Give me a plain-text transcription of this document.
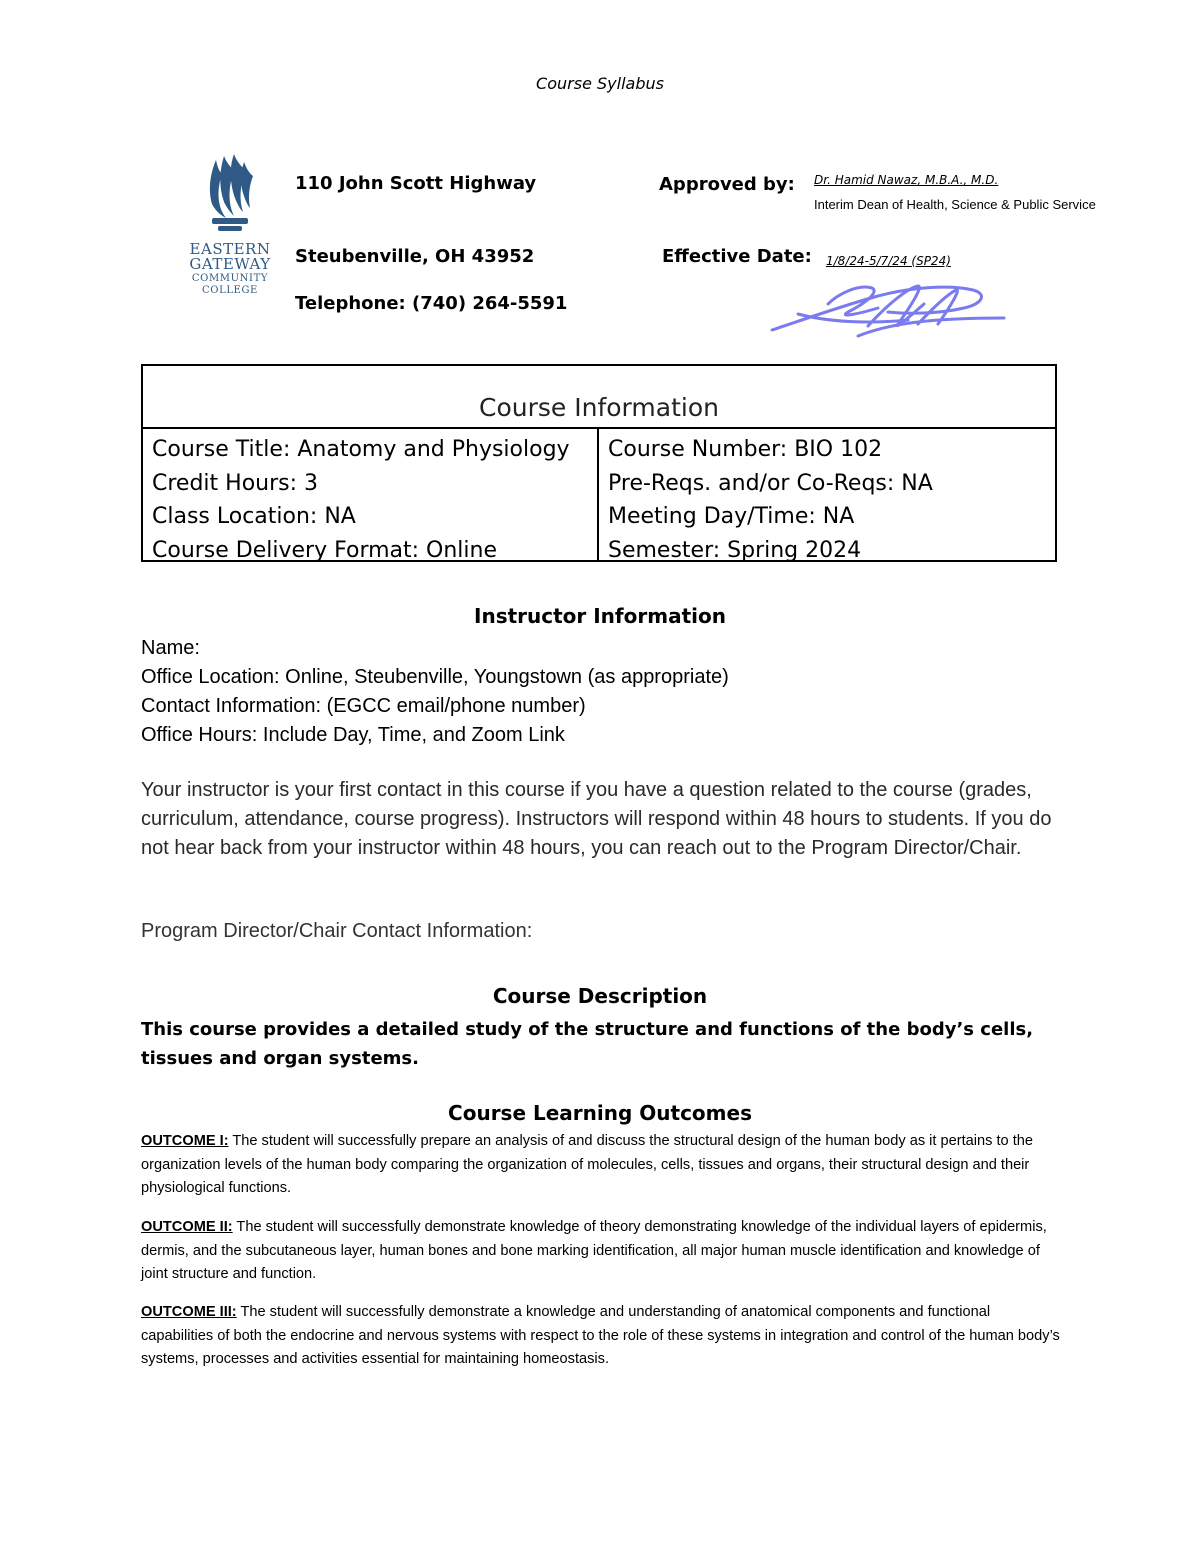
Course Syllabus
EASTERN
GATEWAY
COMMUNITY
COLLEGE
110 John Scott Highway
Steubenville, OH 43952
Telephone: (740) 264-5591
Approved by: Dr. Hamid Nawaz, M.B.A., M.D.
Interim Dean of Health, Science & Public Service
Effective Date: 1/8/24-5/7/24 (SP24)
Course Information
Course Title: Anatomy and Physiology
Credit Hours: 3
Class Location: NA
Course Delivery Format: Online
Course Number: BIO 102
Pre-Reqs. and/or Co-Reqs: NA
Meeting Day/Time: NA
Semester: Spring 2024
Instructor Information
Name:
Office Location: Online, Steubenville, Youngstown (as appropriate)
Contact Information: (EGCC email/phone number)
Office Hours: Include Day, Time, and Zoom Link
Your instructor is your first contact in this course if you have a question related to the course (grades, curriculum, attendance, course progress). Instructors will respond within 48 hours to students. If you do not hear back from your instructor within 48 hours, you can reach out to the Program Director/Chair.
Program Director/Chair Contact Information:
Course Description
This course provides a detailed study of the structure and functions of the body’s cells, tissues and organ systems.
Course Learning Outcomes
OUTCOME I: The student will successfully prepare an analysis of and discuss the structural design of the human body as it pertains to the organization levels of the human body comparing the organization of molecules, cells, tissues and organs, their structural design and their physiological functions.
OUTCOME II: The student will successfully demonstrate knowledge of theory demonstrating knowledge of the individual layers of epidermis, dermis, and the subcutaneous layer, human bones and bone marking identification, all major human muscle identification and knowledge of joint structure and function.
OUTCOME III: The student will successfully demonstrate a knowledge and understanding of anatomical components and functional capabilities of both the endocrine and nervous systems with respect to the role of these systems in integration and control of the human body’s systems, processes and activities essential for maintaining homeostasis.
